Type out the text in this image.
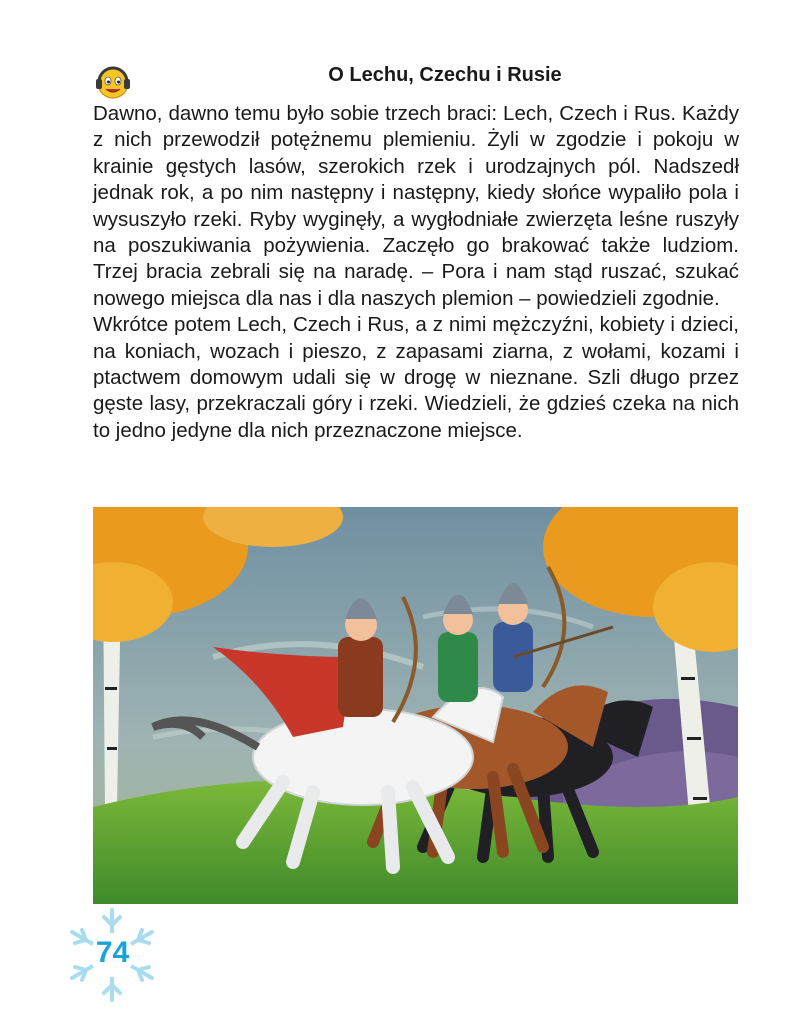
O Lechu, Czechu i Rusie

Dawno, dawno temu było sobie trzech braci: Lech, Czech i Rus. Każdy z nich przewodził potężnemu plemieniu. Żyli w zgodzie i pokoju w krainie gęstych lasów, szerokich rzek i urodzajnych pól. Nadszedł jednak rok, a po nim następny i następny, kiedy słońce wypaliło pola i wysuszyło rzeki. Ryby wyginęły, a wygłodniałe zwierzęta leśne ruszyły na poszukiwania pożywienia. Zaczęło go brakować także ludziom. Trzej bracia zebrali się na naradę. – Pora i nam stąd ruszać, szukać nowego miejsca dla nas i dla naszych plemion – powiedzieli zgodnie.

Wkrótce potem Lech, Czech i Rus, a z nimi mężczyźni, kobiety i dzieci, na koniach, wozach i pieszo, z zapasami ziarna, z wołami, kozami i ptactwem domowym udali się w drogę w nieznane. Szli długo przez gęste lasy, przekraczali góry i rzeki. Wiedzieli, że gdzieś czeka na nich to jedno jedyne dla nich przeznaczone miejsce.

74
